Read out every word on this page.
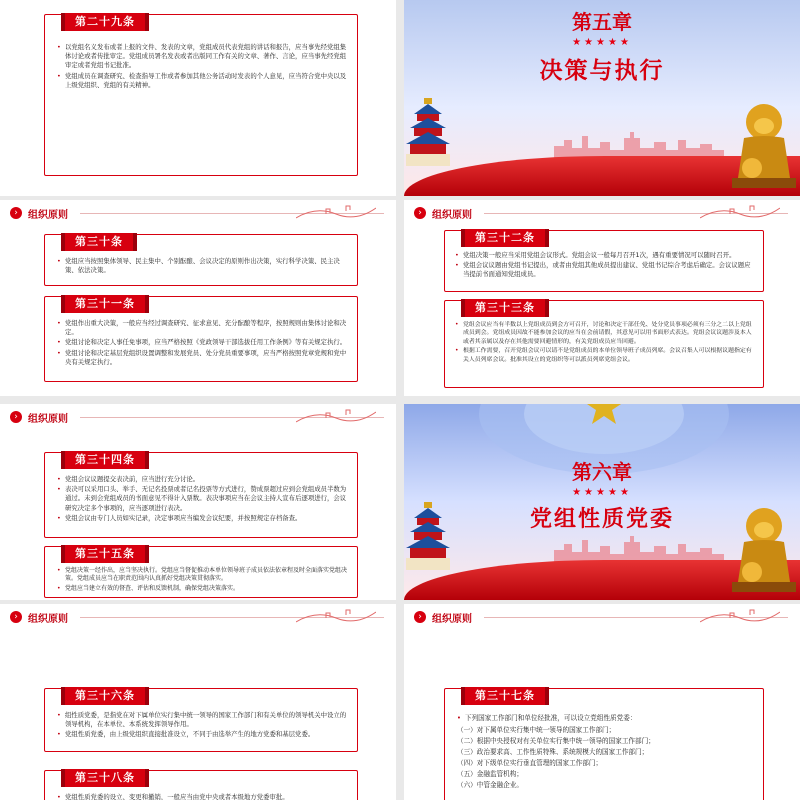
第二十九条

• 以党组名义发布或者上报的文件、发表的文章，党组成员代表党组的讲话和报告，应当事先经党组集体讨论或者传批审定。党组成员署名发表或者出版同工作有关的文章、著作、言论，应当事先经党组审定或者党组书记批准。

• 党组成员在调查研究、检查指导工作或者参加其他公务活动时发表的个人意见，应当符合党中央以及上级党组织、党组的有关精神。

第五章
★★★★★
决策与执行
›	组织原则
第三十条

• 党组应当按照集体领导、民主集中、个别酝酿、会议决定的原则作出决策，实行科学决策、民主决策、依法决策。

第三十一条

• 党组作出重大决策，一般应当经过调查研究、征求意见、充分酝酿等程序，按照规则由集体讨论和决定。

• 党组讨论和决定人事任免事项，应当严格按照《党政领导干部选拔任用工作条例》等有关规定执行。

• 党组讨论和决定基层党组织设置调整和发展党员、处分党员重要事项，应当严格按照党章党规和党中央有关规定执行。

›	组织原则
第三十二条

• 党组决策一般应当采用党组会议形式。党组会议一般每月召开1次，遇有重要情况可以随时召开。

• 党组会议议题由党组书记提出，或者由党组其他成员提出建议、党组书记综合考虑后确定。会议议题应当提前书面通知党组成员。

第三十三条

• 党组会议应当有半数以上党组成员到会方可召开，讨论和决定干部任免、处分党员事项必须有三分之二以上党组成员到会。党组成员因故不能参加会议的应当在会前请假，其意见可以用书面形式表达。党组会议议题涉及本人或者其亲属以及存在其他需要回避情形的，有关党组成员应当回避。

• 根据工作需要，召开党组会议可以请不是党组成员的本单位领导班子成员列席。会议召集人可以根据议题指定有关人员列席会议。批准其设立的党组织等可以派员列席党组会议。

›	组织原则
第三十四条

• 党组会议议题提交表决前，应当进行充分讨论。

• 表决可以采用口头、举手、无记名投票或者记名投票等方式进行，赞成票超过应到会党组成员半数为通过。未到会党组成员的书面意见不得计入票数。表决事项应当在会议主持人宣布后逐项进行，会议研究决定多个事项的，应当逐项进行表决。

• 党组会议由专门人员如实记录，决定事项应当编发会议纪要，并按照规定存档备查。

第三十五条

• 党组决策一经作出，应当坚决执行。党组应当督促推动本单位领导班子成员依法依章程及时全面落实党组决策。党组成员应当在职责范围内认真抓好党组决策贯彻落实。

• 党组应当建立有效的督查、评估和反馈机制，确保党组决策落实。

第六章
★★★★★
党组性质党委
›	组织原则
第三十六条

• 组性质党委，是指党在对下属单位实行集中统一领导的国家工作部门和有关单位的领导机关中设立的领导机构，在本单位、本系统发挥领导作用。

• 党组性质党委，由上级党组织直接批准设立，不同于由选举产生的地方党委和基层党委。

第三十八条

• 党组性质党委的设立、变更和撤销，一般应当由党中央或者本级地方党委审批。

›	组织原则
第三十七条

• 下列国家工作部门和单位经批准，可以设立党组性质党委：

（一）对下属单位实行集中统一领导的国家工作部门；
（二）根据中央授权对有关单位实行集中统一领导的国家工作部门；
（三）政治要求高、工作性质特殊、系统规模大的国家工作部门；
（四）对下级单位实行垂直管理的国家工作部门；
（五）金融监管机构；
（六）中管金融企业。
